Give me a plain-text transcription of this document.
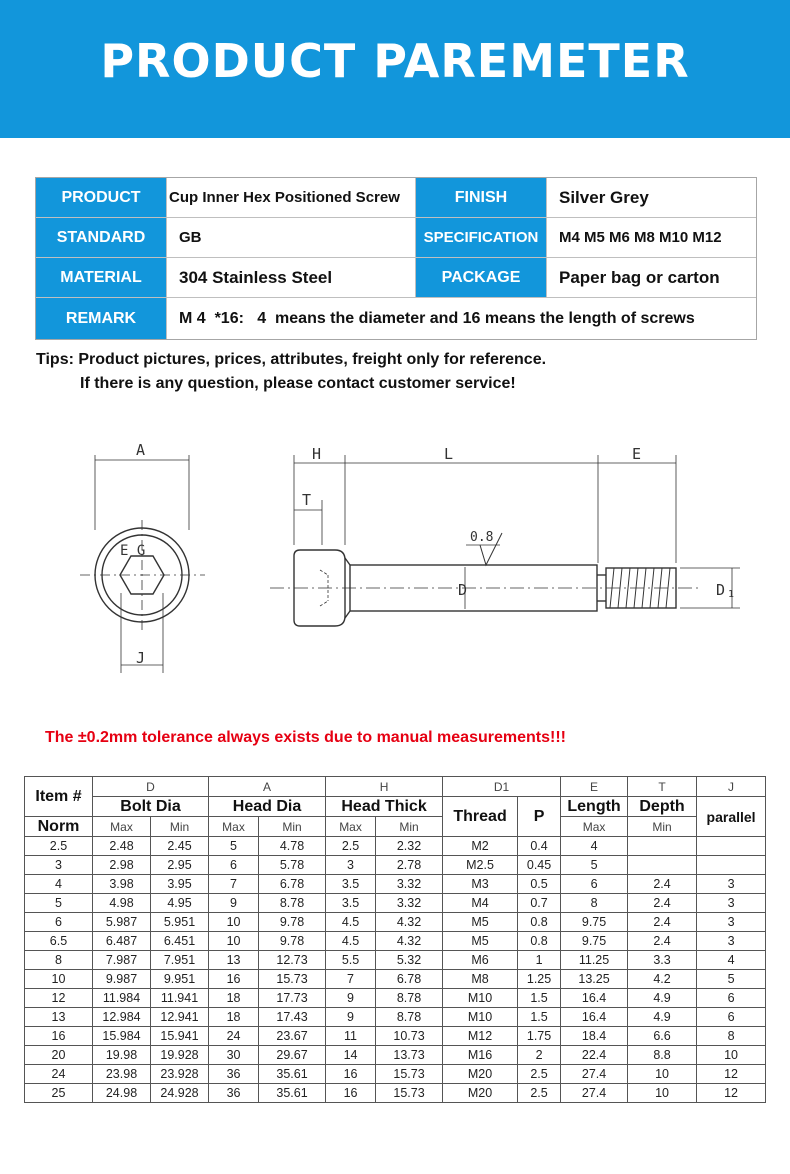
PRODUCT PAREMETER
PRODUCT	Cup Inner Hex Positioned Screw	FINISH	Silver Grey
STANDARD	GB	SPECIFICATION	M4 M5 M6 M8 M10 M12
MATERIAL	304 Stainless Steel	PACKAGE	Paper bag or carton
REMARK	M 4  *16:   4  means the diameter and 16 means the length of screws
Tips: Product pictures, prices, attributes, freight only for reference.
If there is any question, please contact customer service!
A
J
E G
H
T
L	E
D	D 1
0.8
The ±0.2mm tolerance always exists due to manual measurements!!!
Item #	D		A		H		D1		E	T	J
	Bolt Dia		Head Dia		Head Thick		Thread	P	Length	Depth	parallel
Norm	Max	Min	Max	Min	Max	Min			Max	Min	
2.5	2.48	2.45	5	4.78	2.5	2.32	M2	0.4	4		
3	2.98	2.95	6	5.78	3	2.78	M2.5	0.45	5		
4	3.98	3.95	7	6.78	3.5	3.32	M3	0.5	6	2.4	3
5	4.98	4.95	9	8.78	3.5	3.32	M4	0.7	8	2.4	3
6	5.987	5.951	10	9.78	4.5	4.32	M5	0.8	9.75	2.4	3
6.5	6.487	6.451	10	9.78	4.5	4.32	M5	0.8	9.75	2.4	3
8	7.987	7.951	13	12.73	5.5	5.32	M6	1	11.25	3.3	4
10	9.987	9.951	16	15.73	7	6.78	M8	1.25	13.25	4.2	5
12	11.984	11.941	18	17.73	9	8.78	M10	1.5	16.4	4.9	6
13	12.984	12.941	18	17.43	9	8.78	M10	1.5	16.4	4.9	6
16	15.984	15.941	24	23.67	11	10.73	M12	1.75	18.4	6.6	8
20	19.98	19.928	30	29.67	14	13.73	M16	2	22.4	8.8	10
24	23.98	23.928	36	35.61	16	15.73	M20	2.5	27.4	10	12
25	24.98	24.928	36	35.61	16	15.73	M20	2.5	27.4	10	12
